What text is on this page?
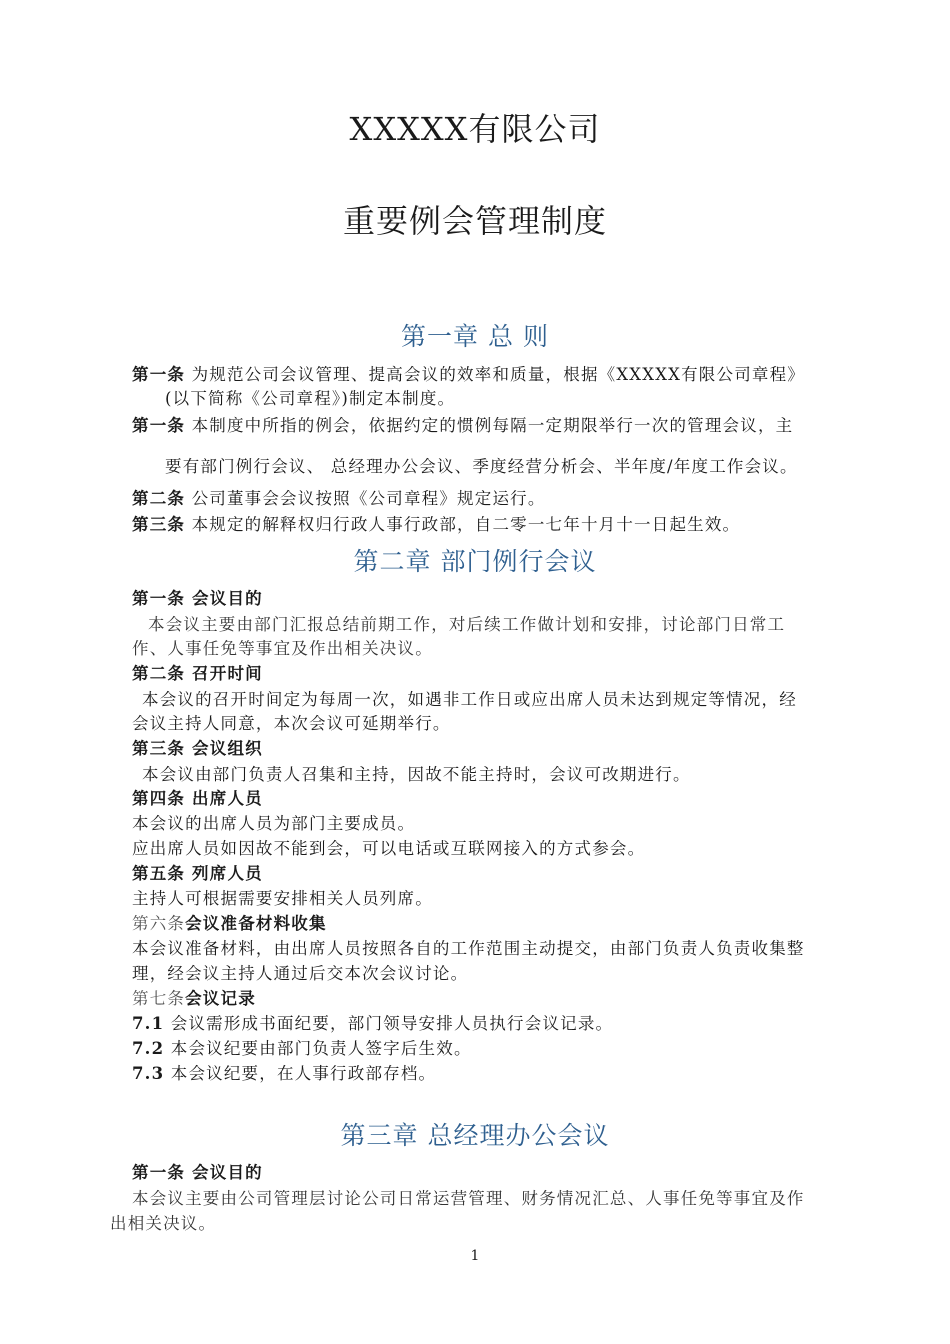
XXXXX有限公司
重要例会管理制度
第一章 总 则
第一条 为规范公司会议管理、提高会议的效率和质量，根据《XXXXX有限公司章程》
(以下简称《公司章程》)制定本制度。
第一条 本制度中所指的例会，依据约定的惯例每隔一定期限举行一次的管理会议，主
要有部门例行会议、 总经理办公会议、季度经营分析会、半年度/年度工作会议。
第二条 公司董事会会议按照《公司章程》规定运行。
第三条 本规定的解释权归行政人事行政部，自二零一七年十月十一日起生效。
第二章 部门例行会议
第一条 会议目的
本会议主要由部门汇报总结前期工作，对后续工作做计划和安排，讨论部门日常工
作、人事任免等事宜及作出相关决议。
第二条 召开时间
本会议的召开时间定为每周一次，如遇非工作日或应出席人员未达到规定等情况，经
会议主持人同意，本次会议可延期举行。
第三条 会议组织
本会议由部门负责人召集和主持，因故不能主持时，会议可改期进行。
第四条 出席人员
本会议的出席人员为部门主要成员。
应出席人员如因故不能到会，可以电话或互联网接入的方式参会。
第五条 列席人员
主持人可根据需要安排相关人员列席。
第六条会议准备材料收集
本会议准备材料，由出席人员按照各自的工作范围主动提交，由部门负责人负责收集整
理，经会议主持人通过后交本次会议讨论。
第七条会议记录
7.1 会议需形成书面纪要，部门领导安排人员执行会议记录。
7.2 本会议纪要由部门负责人签字后生效。
7.3 本会议纪要，在人事行政部存档。
第三章 总经理办公会议
第一条 会议目的
本会议主要由公司管理层讨论公司日常运营管理、财务情况汇总、人事任免等事宜及作
出相关决议。
1
